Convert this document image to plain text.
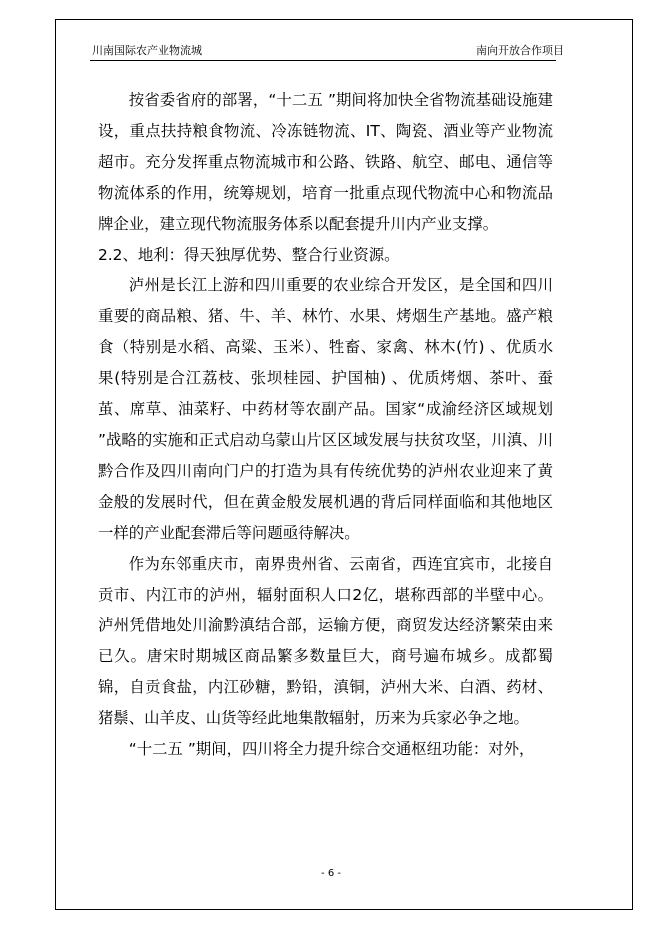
川南国际农产业物流城	南向开放合作项目

按省委省府的部署，“十二五 ”期间将加快全省物流基础设施建设，重点扶持粮食物流、冷冻链物流、IT、陶瓷、酒业等产业物流超市。充分发挥重点物流城市和公路、铁路、航空、邮电、通信等物流体系的作用，统筹规划，培育一批重点现代物流中心和物流品牌企业，建立现代物流服务体系以配套提升川内产业支撑。

2.2、地利：得天独厚优势、整合行业资源。

泸州是长江上游和四川重要的农业综合开发区，是全国和四川重要的商品粮、猪、牛、羊、林竹、水果、烤烟生产基地。盛产粮食（特别是水稻、高粱、玉米）、牲畜、家禽、林木(竹) 、优质水果(特别是合江荔枝、张坝桂园、护国柚) 、优质烤烟、茶叶、蚕茧、席草、油菜籽、中药材等农副产品。国家“成渝经济区域规划 ”战略的实施和正式启动乌蒙山片区区域发展与扶贫攻坚，川滇、川黔合作及四川南向门户的打造为具有传统优势的泸州农业迎来了黄金般的发展时代，但在黄金般发展机遇的背后同样面临和其他地区一样的产业配套滞后等问题亟待解决。

作为东邻重庆市，南界贵州省、云南省，西连宜宾市，北接自贡市、内江市的泸州，辐射面积人口2亿，堪称西部的半壁中心。泸州凭借地处川渝黔滇结合部，运输方便，商贸发达经济繁荣由来已久。唐宋时期城区商品繁多数量巨大，商号遍布城乡。成都蜀锦，自贡食盐，内江砂糖，黔铅，滇铜，泸州大米、白酒、药材、猪鬃、山羊皮、山货等经此地集散辐射，历来为兵家必争之地。

“十二五 ”期间，四川将全力提升综合交通枢纽功能：对外，

- 6 -
